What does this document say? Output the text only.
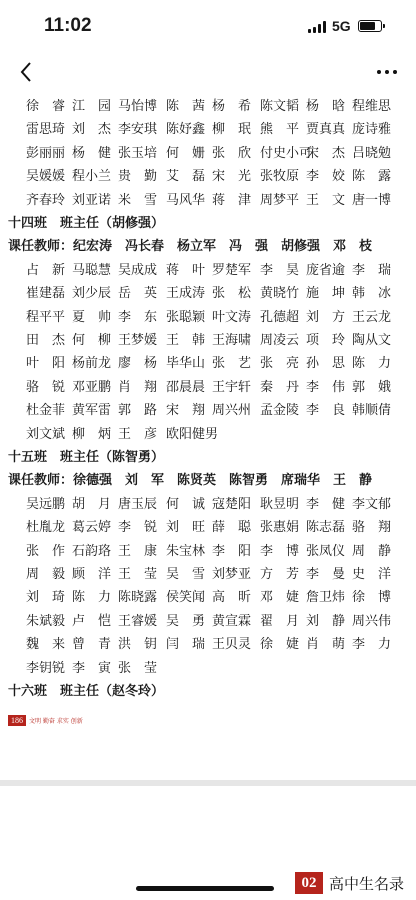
11:02	5G
徐　睿 江　园 马怡博 陈　茜 杨　希 陈文韬 杨　晗 程维思
雷思琦 刘　杰 李安琪 陈妤鑫 柳　珉 熊　平 贾真真 庞诗雅
彭丽丽 杨　健 张玉培 何　姗 张　欣 付史小可
宋　杰 吕晓勉
吴媛媛 程小兰 贵　勤 艾　磊 宋　光 张牧原 李　姣 陈　露
齐春玲 刘亚诺 米　雪 马风华 蒋　津 周梦平 王　文 唐一博
十四班　班主任（胡修强）
课任教师：纪宏涛　冯长春　杨立军　冯　强　胡修强　邓　枝
占　新 马聪慧 吴成成 蒋　叶 罗楚军 李　昊 庞省逾 李　瑞
崔建磊 刘少辰 岳　英 王成涛 张　松 黄晓竹 施　坤 韩　冰
程平平 夏　帅 李　东 张聪颖 叶文涛 孔德超 刘　方 王云龙
田　杰 何　柳 王梦媛 王　韩 王海啸 周凌云 项　玲 陶从文
叶　阳 杨前龙 廖　杨 毕华山 张　艺 张　亮 孙　思 陈　力
骆　锐 邓亚鹏 肖　翔 邵晨晨 王宇轩 秦　丹 李　伟 郭　娥
杜金菲 黄军雷 郭　路 宋　翔 周兴州 孟金陵 李　良 韩顺倩
刘文斌 柳　炳 王　彦 欧阳健男
十五班　班主任（陈智勇）
课任教师：徐德强　刘　军　陈贤英　陈智勇　席瑞华　王　静
吴远鹏 胡　月 唐玉辰 何　诚 寇楚阳 耿昱明 李　健 李文郁
杜胤龙 葛云婷 李　锐 刘　旺 薛　聪 张惠娟 陈志磊 骆　翔
张　作 石韵珞 王　康 朱宝林 李　阳 李　博 张凤仪 周　静
周　毅 顾　洋 王　莹 吴　雪 刘梦亚 方　芳 李　曼 史　洋
刘　琦 陈　力 陈晓露 侯笑闻 高　昕 邓　婕 詹卫炜 徐　博
朱斌毅 卢　恺 王睿媛 吴　勇 黄宣霖 翟　月 刘　静 周兴伟
魏　来 曾　青 洪　钥 闫　瑞 王贝灵 徐　婕 肖　萌 李　力
李钥锐 李　寅 张　莹
十六班　班主任（赵冬玲）
186	文明 勤奋 求实 创新
02 高中生名录
